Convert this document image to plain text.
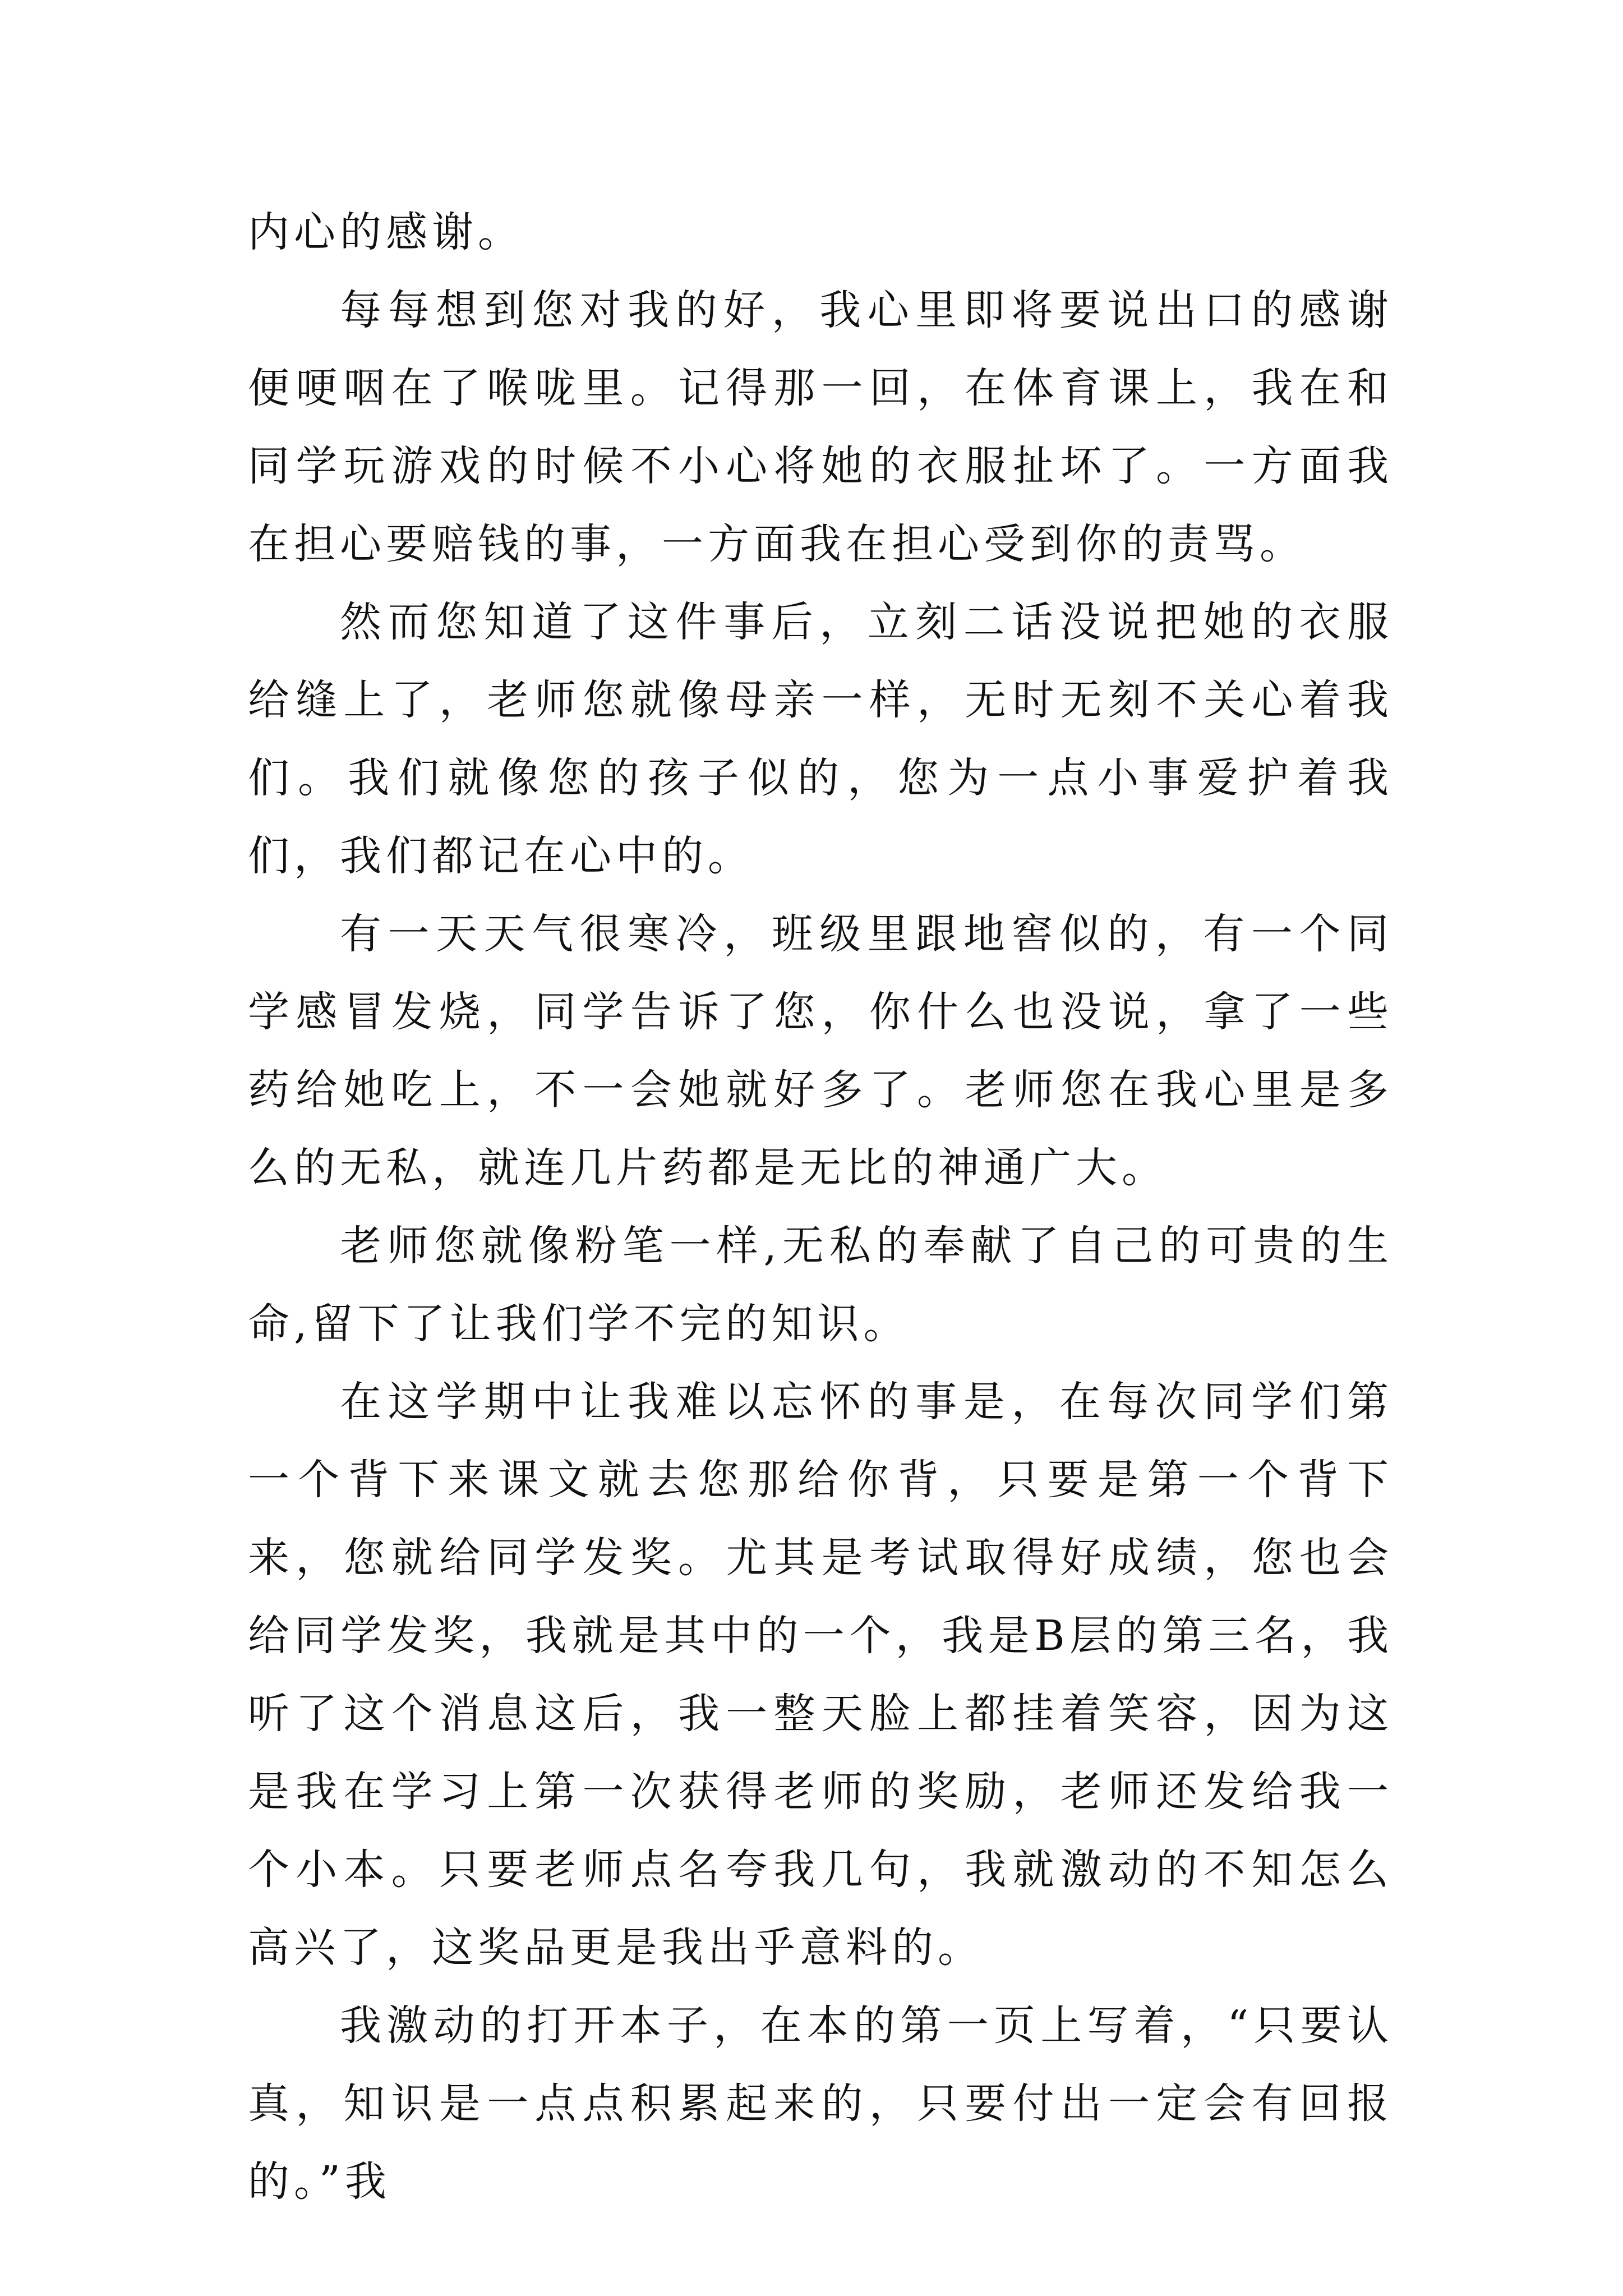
内心的感谢。

每每想到您对我的好，我心里即将要说出口的感谢便哽咽在了喉咙里。记得那一回，在体育课上，我在和同学玩游戏的时候不小心将她的衣服扯坏了。一方面我在担心要赔钱的事，一方面我在担心受到你的责骂。

然而您知道了这件事后，立刻二话没说把她的衣服给缝上了，老师您就像母亲一样，无时无刻不关心着我们。我们就像您的孩子似的，您为一点小事爱护着我们，我们都记在心中的。

有一天天气很寒冷，班级里跟地窖似的，有一个同学感冒发烧，同学告诉了您，你什么也没说，拿了一些药给她吃上，不一会她就好多了。老师您在我心里是多么的无私，就连几片药都是无比的神通广大。

老师您就像粉笔一样,无私的奉献了自己的可贵的生命,留下了让我们学不完的知识。

在这学期中让我难以忘怀的事是，在每次同学们第一个背下来课文就去您那给你背，只要是第一个背下来，您就给同学发奖。尤其是考试取得好成绩，您也会给同学发奖，我就是其中的一个，我是B层的第三名，我听了这个消息这后，我一整天脸上都挂着笑容，因为这是我在学习上第一次获得老师的奖励，老师还发给我一个小本。只要老师点名夸我几句，我就激动的不知怎么高兴了，这奖品更是我出乎意料的。

我激动的打开本子，在本的第一页上写着，“只要认真，知识是一点点积累起来的，只要付出一定会有回报的。”我
